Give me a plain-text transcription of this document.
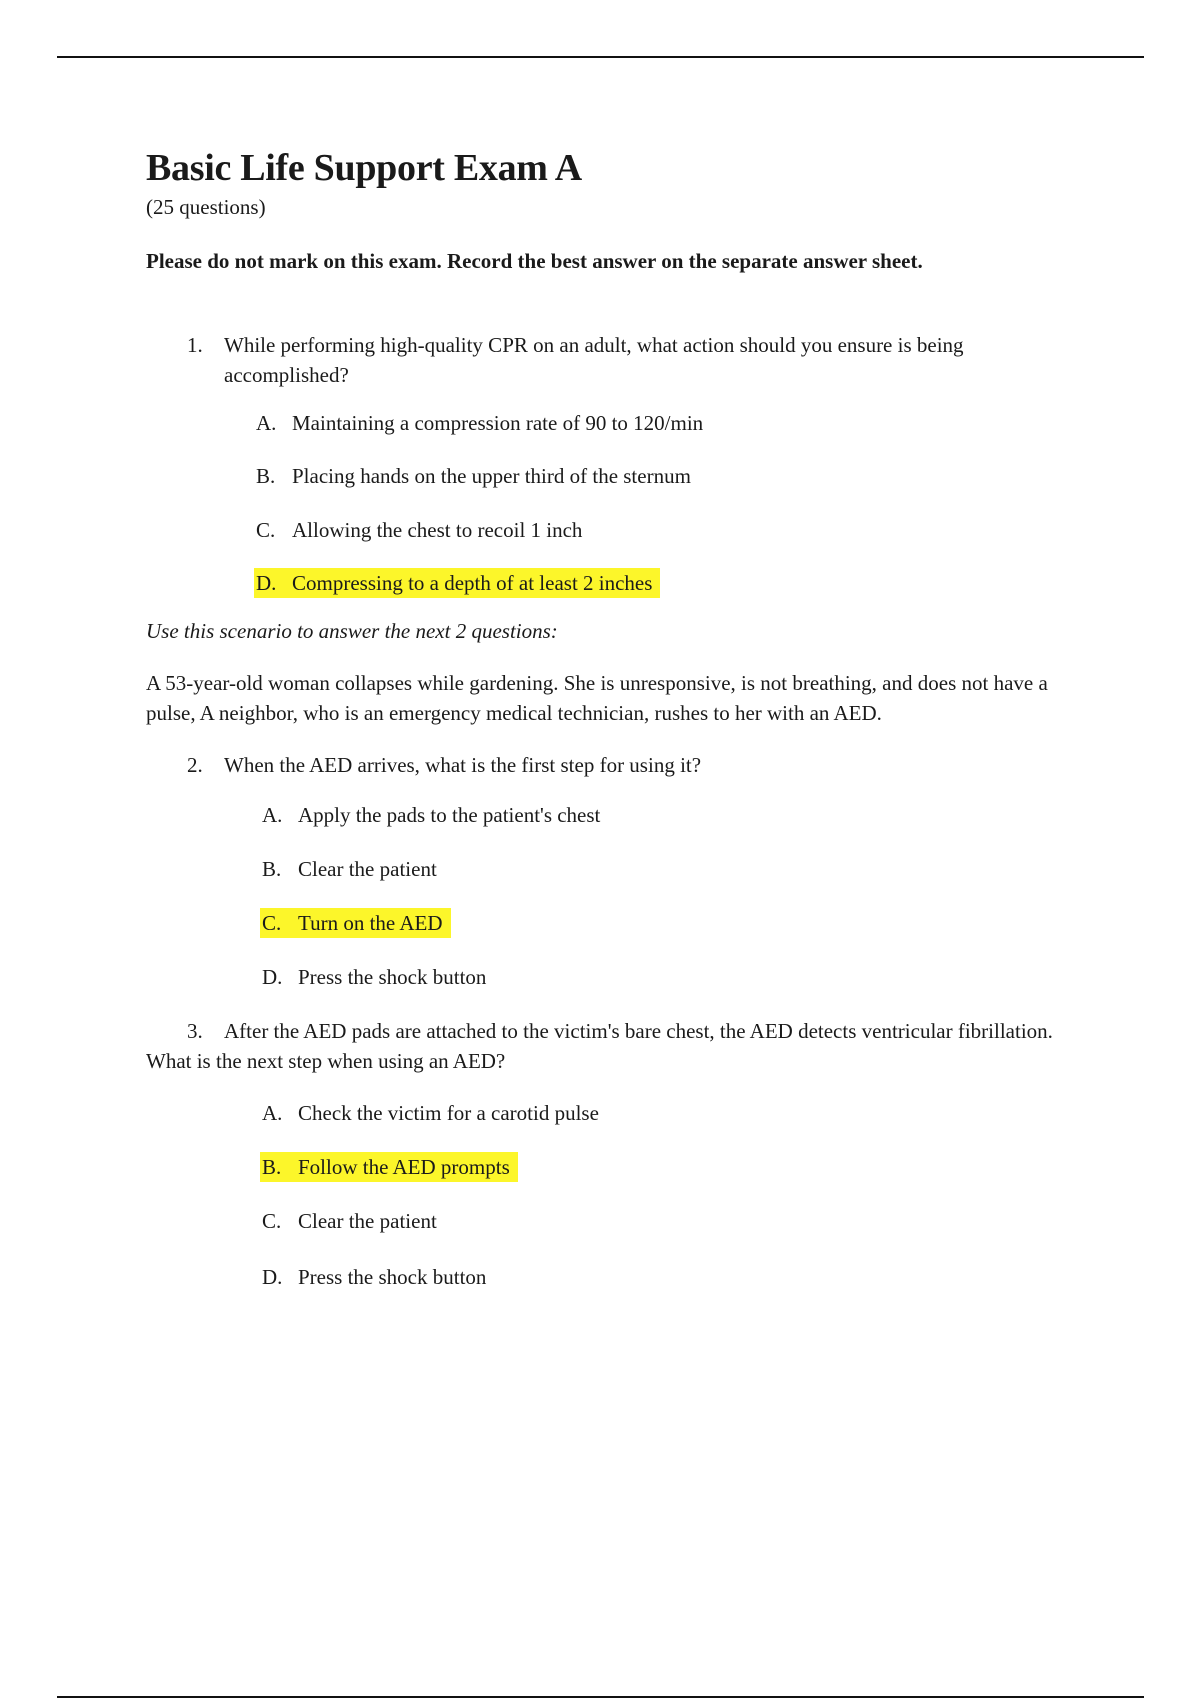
Basic Life Support Exam A

(25 questions)

Please do not mark on this exam. Record the best answer on the separate answer sheet.

1.	While performing high-quality CPR on an adult, what action should you ensure is being accomplished?
A. Maintaining a compression rate of 90 to 120/min
B. Placing hands on the upper third of the sternum
C. Allowing the chest to recoil 1 inch
D. Compressing to a depth of at least 2 inches

Use this scenario to answer the next 2 questions:

A 53-year-old woman collapses while gardening. She is unresponsive, is not breathing, and does not have a pulse, A neighbor, who is an emergency medical technician, rushes to her with an AED.

2.	When the AED arrives, what is the first step for using it?
A. Apply the pads to the patient's chest
B. Clear the patient
C. Turn on the AED
D. Press the shock button
3.	After the AED pads are attached to the victim's bare chest, the AED detects ventricular fibrillation.

What is the next step when using an AED?

A. Check the victim for a carotid pulse
B. Follow the AED prompts
C. Clear the patient
D. Press the shock button
